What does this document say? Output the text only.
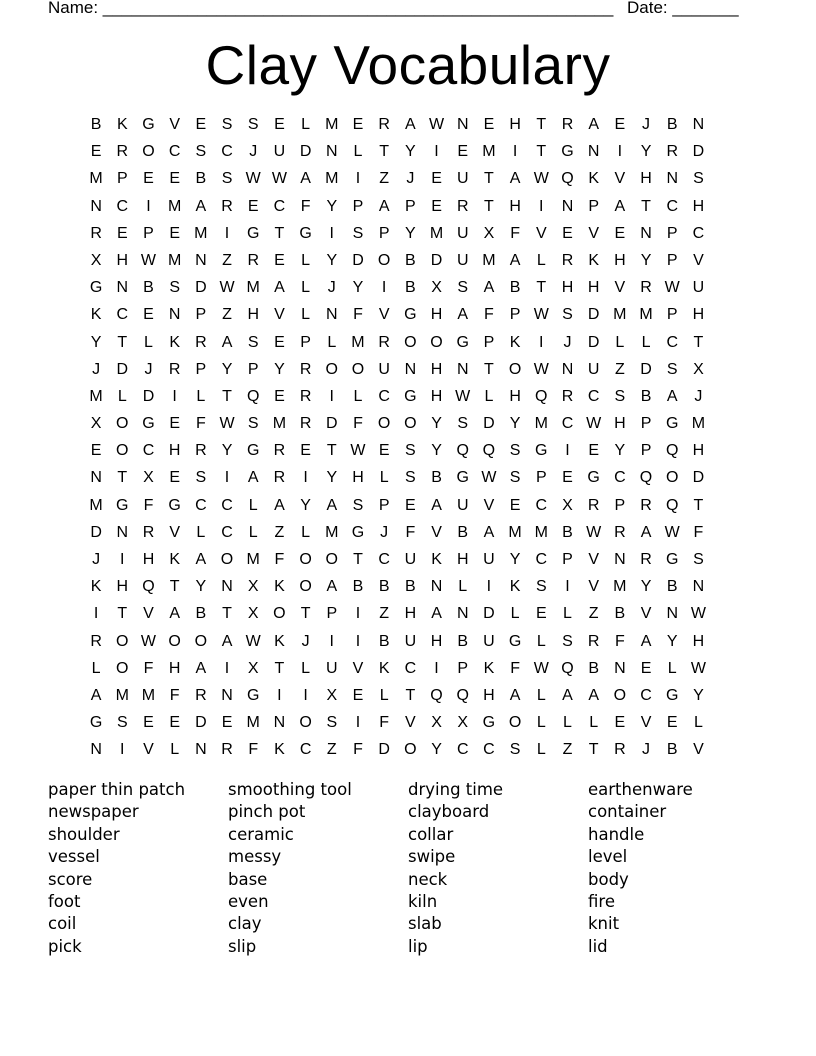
Name: ______________________________________________________ Date: _______
Clay Vocabulary
B K G V E S S E	L M E R A W N E H T R A E	J	B N
E R O C S C	J	U D N L	T Y	I	E M	I	T G N	I	Y R D
M P E E B S W W A M	I	Z	J	E U T A W Q K V H N S
N C	I	M A R E C F Y P A P E R T H	I	N P A T C H
R E P E M	I	G T G	I	S P Y M U X F V E V E N P C
X H W M N Z R E	L	Y D O B D U M A	L R K H Y P V
G N B S D W M A	L	J	Y	I	B X S A B T H H V R W U
K C E N P Z H V	L N F V G H A F P W S D M M P H
Y T	L	K R A S E P	L M R O O G P K	I	J	D L	L C T
J	D	J	R P Y P Y R O O U N H N T O W N U Z D S X
M L D	I	L	T Q E R	I	L C G H W L H Q R C S B A	J
X O G E F W S M R D F O O Y S D Y M C W H P G M
E O C H R Y G R E T W E S Y Q Q S G	I	E Y P Q H
N T X E S	I	A R	I	Y H L	S B G W S P E G C Q O D
M G F G C C L	A Y A S P E A U V E C X R P R Q T
D N R V	L C L	Z	L M G J	F V B A M M B W R A W F
J	I	H K A O M F O O T C U K H U Y C P V N R G S
K H Q T Y N X K O A B B B N L	I	K S	I	V M Y B N
I	T V A B T X O T P	I	Z H A N D L	E	L	Z B V N W
R O W O O A W K	J	I	I	B U H B U G L	S R F A Y H
L O F H A	I	X T	L U V K C	I	P K F W Q B N E	L W
A M M F R N G	I	I	X E	L	T Q Q H A	L	A A O C G Y
G S E E D E M N O S	I	F V X X G O L	L	L	E V E	L
N	I	V	L N R F K C Z	F D O Y C C S	L	Z	T R	J	B V
paper thin patch
newspaper
shoulder
vessel
score
foot
coil
pick
smoothing tool
pinch pot
ceramic
messy
base
even
clay
slip
drying time
clayboard
collar
swipe
neck
kiln
slab
lip
earthenware
container
handle
level
body
fire
knit
lid
